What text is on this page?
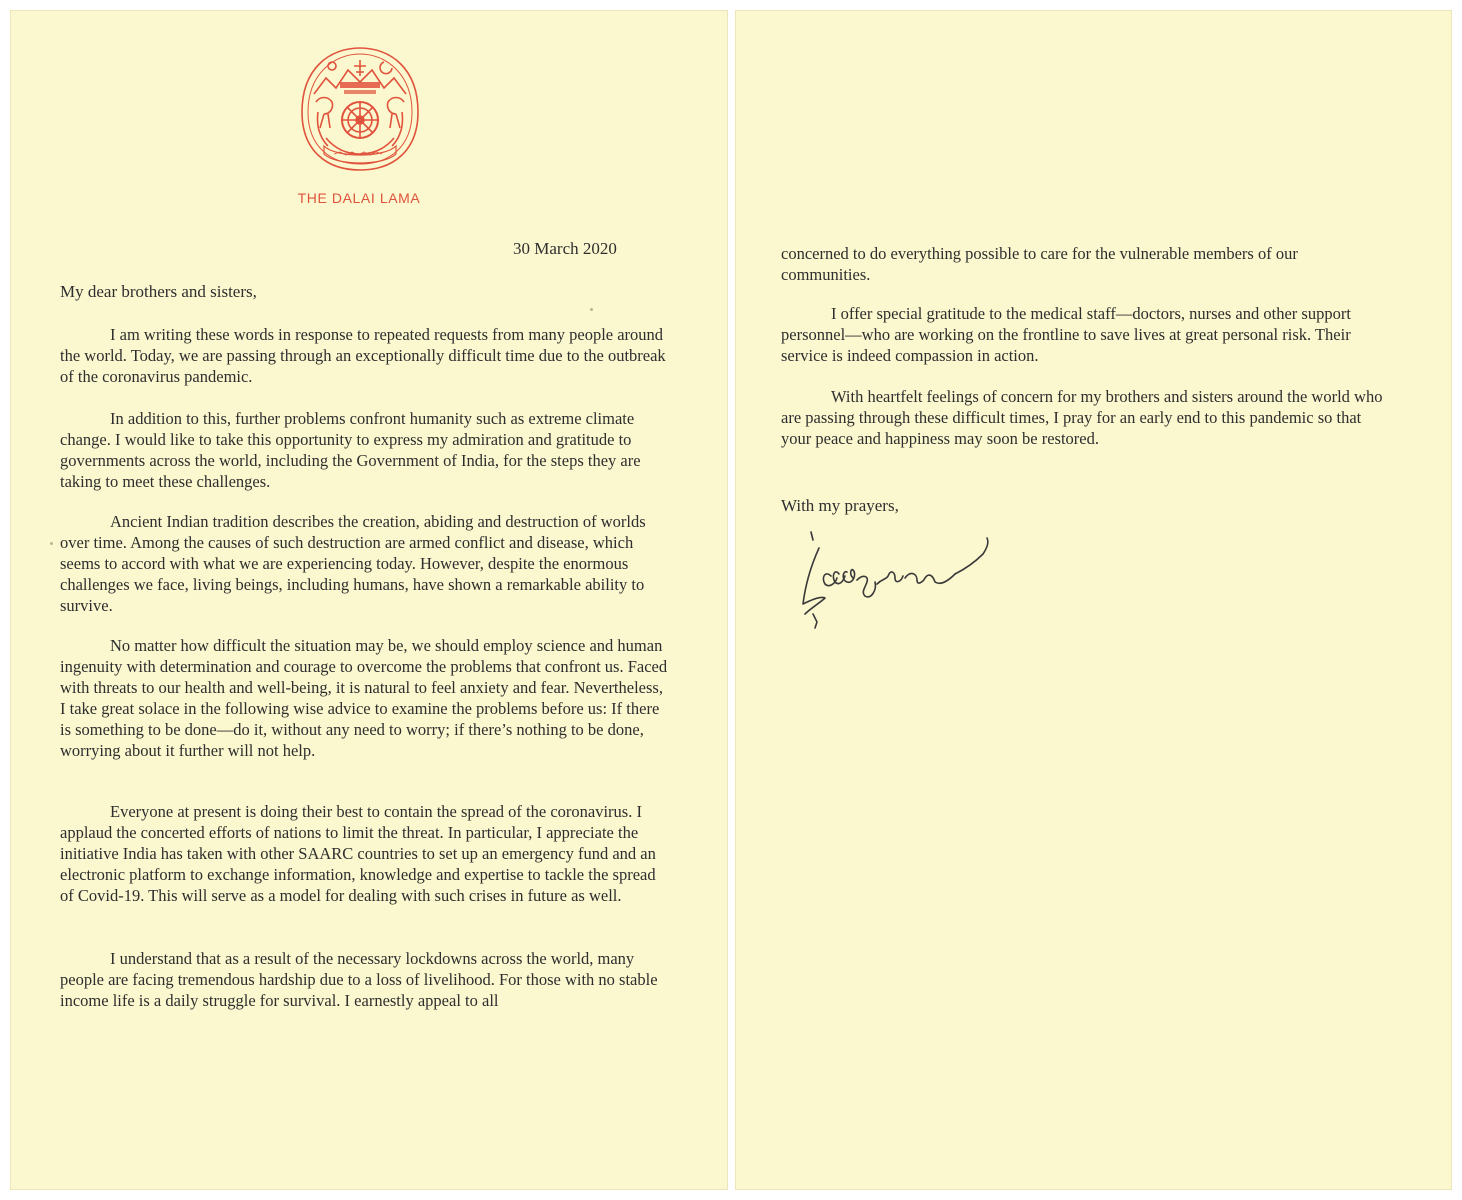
THE DALAI LAMA
30 March 2020
My dear brothers and sisters,

I am writing these words in response to repeated requests from many people around the world. Today, we are passing through an exceptionally difficult time due to the outbreak of the coronavirus pandemic.

In addition to this, further problems confront humanity such as extreme climate change. I would like to take this opportunity to express my admiration and gratitude to governments across the world, including the Government of India, for the steps they are taking to meet these challenges.

Ancient Indian tradition describes the creation, abiding and destruction of worlds over time. Among the causes of such destruction are armed conflict and disease, which seems to accord with what we are experiencing today. However, despite the enormous challenges we face, living beings, including humans, have shown a remarkable ability to survive.

No matter how difficult the situation may be, we should employ science and human ingenuity with determination and courage to overcome the problems that confront us. Faced with threats to our health and well-being, it is natural to feel anxiety and fear. Nevertheless, I take great solace in the following wise advice to examine the problems before us: If there is something to be done—do it, without any need to worry; if there’s nothing to be done, worrying about it further will not help.

Everyone at present is doing their best to contain the spread of the coronavirus. I applaud the concerted efforts of nations to limit the threat. In particular, I appreciate the initiative India has taken with other SAARC countries to set up an emergency fund and an electronic platform to exchange information, knowledge and expertise to tackle the spread of Covid-19. This will serve as a model for dealing with such crises in future as well.

I understand that as a result of the necessary lockdowns across the world, many people are facing tremendous hardship due to a loss of livelihood. For those with no stable income life is a daily struggle for survival. I earnestly appeal to all

concerned to do everything possible to care for the vulnerable members of our communities.

I offer special gratitude to the medical staff—doctors, nurses and other support personnel—who are working on the frontline to save lives at great personal risk. Their service is indeed compassion in action.

With heartfelt feelings of concern for my brothers and sisters around the world who are passing through these difficult times, I pray for an early end to this pandemic so that your peace and happiness may soon be restored.

With my prayers,
